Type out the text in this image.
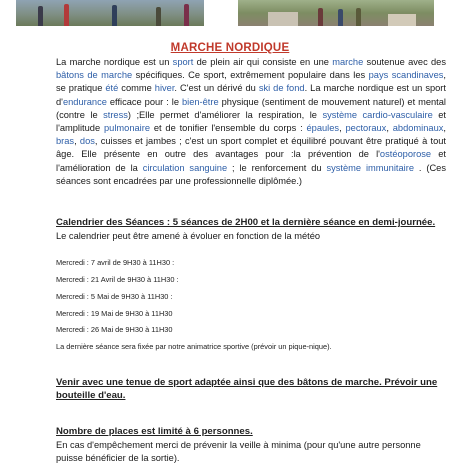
MARCHE NORDIQUE
La marche nordique est un sport de plein air qui consiste en une marche soutenue avec des bâtons de marche spécifiques. Ce sport, extrêmement populaire dans les pays scandinaves, se pratique été comme hiver. C'est un dérivé du ski de fond. La marche nordique est un sport d'endurance efficace pour : le bien-être physique (sentiment de mouvement naturel) et mental (contre le stress) ;Elle permet d'améliorer la respiration, le système cardio-vasculaire et l'amplitude pulmonaire et de tonifier l'ensemble du corps : épaules, pectoraux, abdominaux, bras, dos, cuisses et jambes ; c'est un sport complet et équilibré pouvant être pratiqué à tout âge. Elle présente en outre des avantages pour :la prévention de l'ostéoporose et l'amélioration de la circulation sanguine ; le renforcement du système immunitaire . (Ces séances sont encadrées par une professionnelle diplômée.)
Calendrier des Séances : 5 séances de 2H00 et la dernière séance en demi-journée.
Le calendrier peut être amené à évoluer en fonction de la météo
Mercredi : 7 avril de 9H30 à 11H30 :
Mercredi : 21 Avril de 9H30 à 11H30 :
Mercredi : 5 Mai de 9H30 à 11H30 :
Mercredi : 19 Mai de 9H30 à 11H30
Mercredi : 26 Mai de 9H30 à 11H30
La dernière séance sera fixée par notre animatrice sportive (prévoir un pique-nique).
Venir avec une tenue de sport adaptée ainsi que des bâtons de marche. Prévoir une bouteille d'eau.
Nombre de places est limité à 6 personnes.
En cas d'empêchement merci de prévenir la veille à minima (pour qu'une autre personne puisse bénéficier de la sortie).
